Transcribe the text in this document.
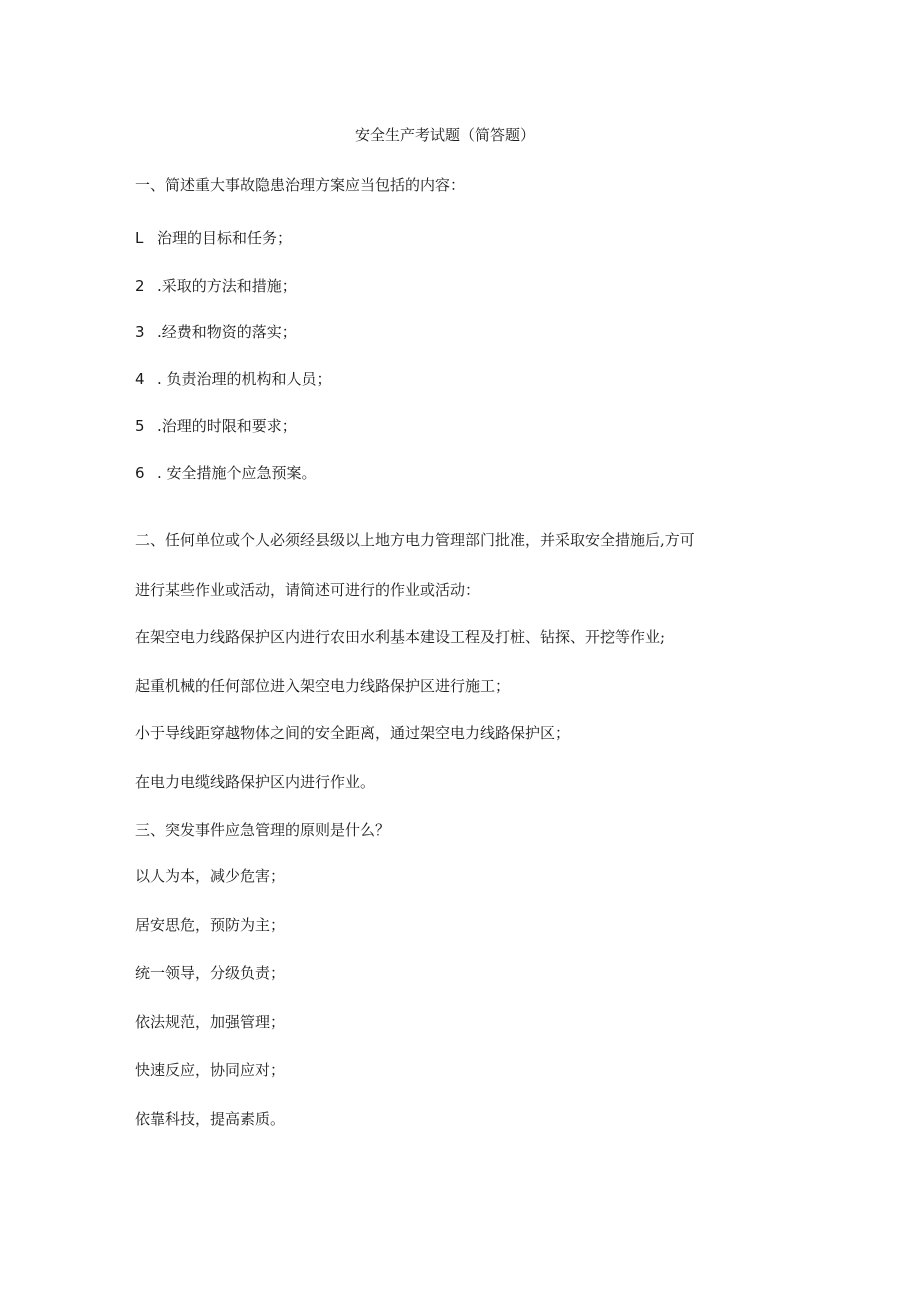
安全生产考试题（简答题）
一、简述重大事故隐患治理方案应当包括的内容：
L 治理的目标和任务；
2 .采取的方法和措施；
3 .经费和物资的落实；
4 . 负责治理的机构和人员；
5 .治理的时限和要求；
6 . 安全措施个应急预案。
二、任何单位或个人必须经县级以上地方电力管理部门批准，并采取安全措施后,方可
进行某些作业或活动，请简述可进行的作业或活动：
在架空电力线路保护区内进行农田水利基本建设工程及打桩、钻探、开挖等作业;
起重机械的任何部位进入架空电力线路保护区进行施工；
小于导线距穿越物体之间的安全距离，通过架空电力线路保护区；
在电力电缆线路保护区内进行作业。
三、突发事件应急管理的原则是什么？
以人为本，减少危害；
居安思危，预防为主；
统一领导，分级负责；
依法规范，加强管理；
快速反应，协同应对；
依靠科技，提高素质。
